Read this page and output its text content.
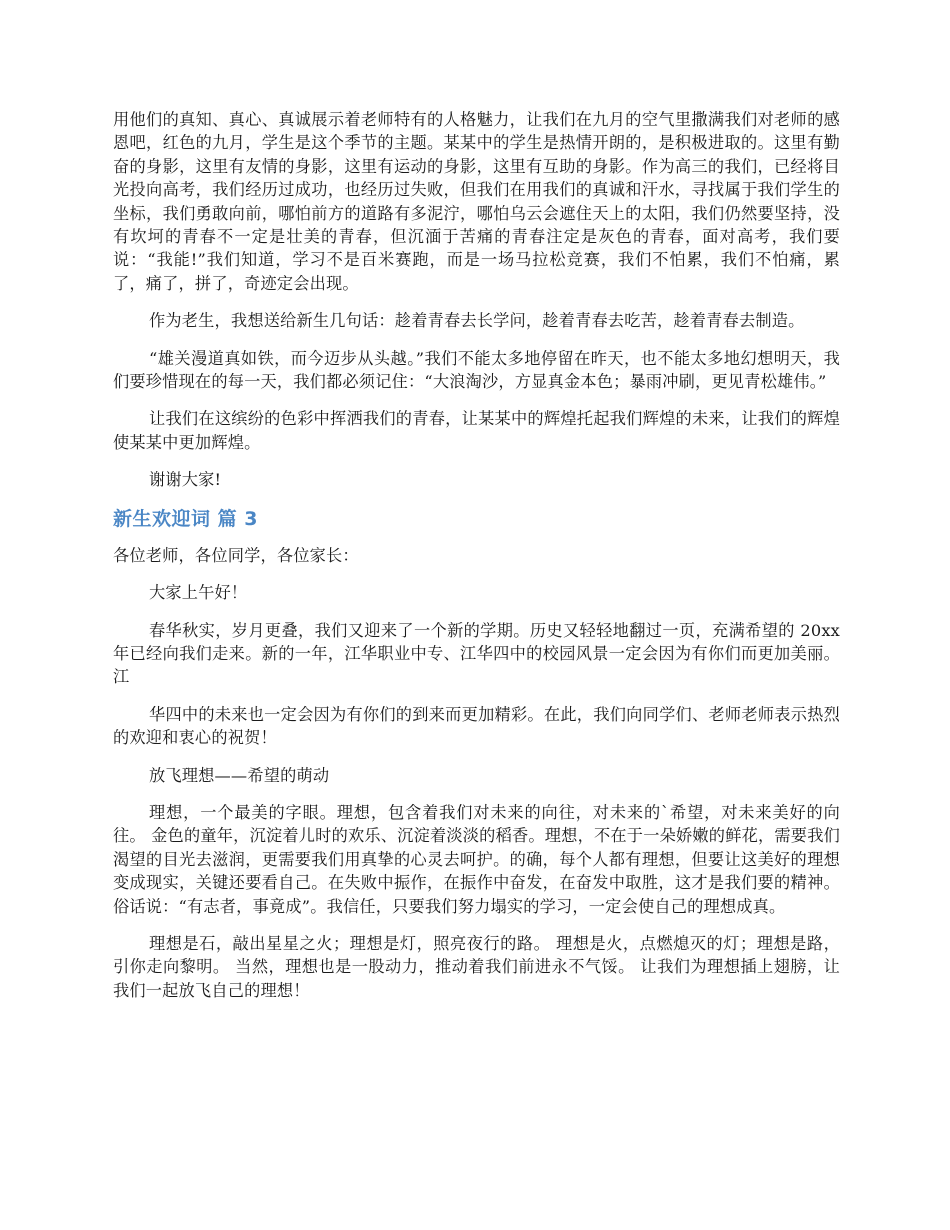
用他们的真知、真心、真诚展示着老师特有的人格魅力，让我们在九月的空气里撒满我们对老师的感恩吧，红色的九月，学生是这个季节的主题。某某中的学生是热情开朗的，是积极进取的。这里有勤奋的身影，这里有友情的身影，这里有运动的身影，这里有互助的身影。作为高三的我们，已经将目光投向高考，我们经历过成功，也经历过失败，但我们在用我们的真诚和汗水，寻找属于我们学生的坐标，我们勇敢向前，哪怕前方的道路有多泥泞，哪怕乌云会遮住天上的太阳，我们仍然要坚持，没有坎坷的青春不一定是壮美的青春，但沉湎于苦痛的青春注定是灰色的青春，面对高考，我们要说：“我能!”我们知道，学习不是百米赛跑，而是一场马拉松竞赛，我们不怕累，我们不怕痛，累了，痛了，拼了，奇迹定会出现。

作为老生，我想送给新生几句话：趁着青春去长学问，趁着青春去吃苦，趁着青春去制造。

“雄关漫道真如铁，而今迈步从头越。”我们不能太多地停留在昨天，也不能太多地幻想明天，我们要珍惜现在的每一天，我们都必须记住：“大浪淘沙，方显真金本色；暴雨冲刷，更见青松雄伟。”

让我们在这缤纷的色彩中挥洒我们的青春，让某某中的辉煌托起我们辉煌的未来，让我们的辉煌使某某中更加辉煌。

谢谢大家!

新生欢迎词 篇 3

各位老师，各位同学，各位家长：

大家上午好！

春华秋实，岁月更叠，我们又迎来了一个新的学期。历史又轻轻地翻过一页，充满希望的 20xx 年已经向我们走来。新的一年，江华职业中专、江华四中的校园风景一定会因为有你们而更加美丽。江

华四中的未来也一定会因为有你们的到来而更加精彩。在此，我们向同学们、老师老师表示热烈的欢迎和衷心的祝贺！

放飞理想——希望的萌动

理想，一个最美的字眼。理想，包含着我们对未来的向往，对未来的`希望，对未来美好的向往。 金色的童年，沉淀着儿时的欢乐、沉淀着淡淡的稻香。理想，不在于一朵娇嫩的鲜花，需要我们渴望的目光去滋润，更需要我们用真挚的心灵去呵护。的确，每个人都有理想，但要让这美好的理想变成现实，关键还要看自己。在失败中振作，在振作中奋发，在奋发中取胜，这才是我们要的精神。俗话说：“有志者，事竟成”。我信任，只要我们努力塌实的学习，一定会使自己的理想成真。

理想是石，敲出星星之火；理想是灯，照亮夜行的路。 理想是火，点燃熄灭的灯；理想是路，引你走向黎明。 当然，理想也是一股动力，推动着我们前进永不气馁。 让我们为理想插上翅膀，让我们一起放飞自己的理想！
